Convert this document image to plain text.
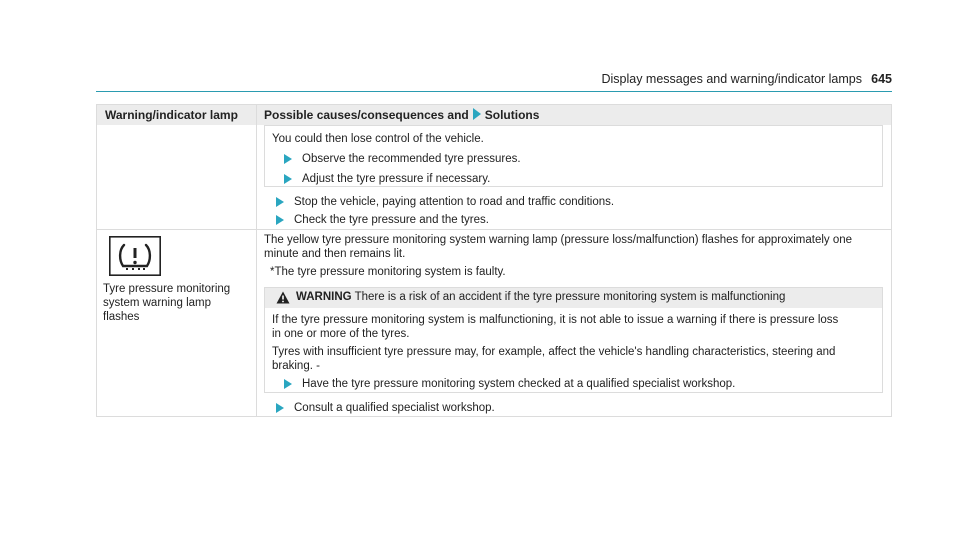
Display messages and warning/indicator lamps 645
Warning/indicator lamp Possible causes/consequences and Solutions
You could then lose control of the vehicle.
Observe the recommended tyre pressures.
Adjust the tyre pressure if necessary.
Stop the vehicle, paying attention to road and traffic conditions.
Check the tyre pressure and the tyres.
Tyre pressure monitoring
system warning lamp
flashes
The yellow tyre pressure monitoring system warning lamp (pressure loss/malfunction) flashes for approximately one
minute and then remains lit.
*The tyre pressure monitoring system is faulty.
WARNING There is a risk of an accident if the tyre pressure monitoring system is malfunctioning
If the tyre pressure monitoring system is malfunctioning, it is not able to issue a warning if there is pressure loss
in one or more of the tyres.
Tyres with insufficient tyre pressure may, for example, affect the vehicle's handling characteristics, steering and
braking. -
Have the tyre pressure monitoring system checked at a qualified specialist workshop.
Consult a qualified specialist workshop.
